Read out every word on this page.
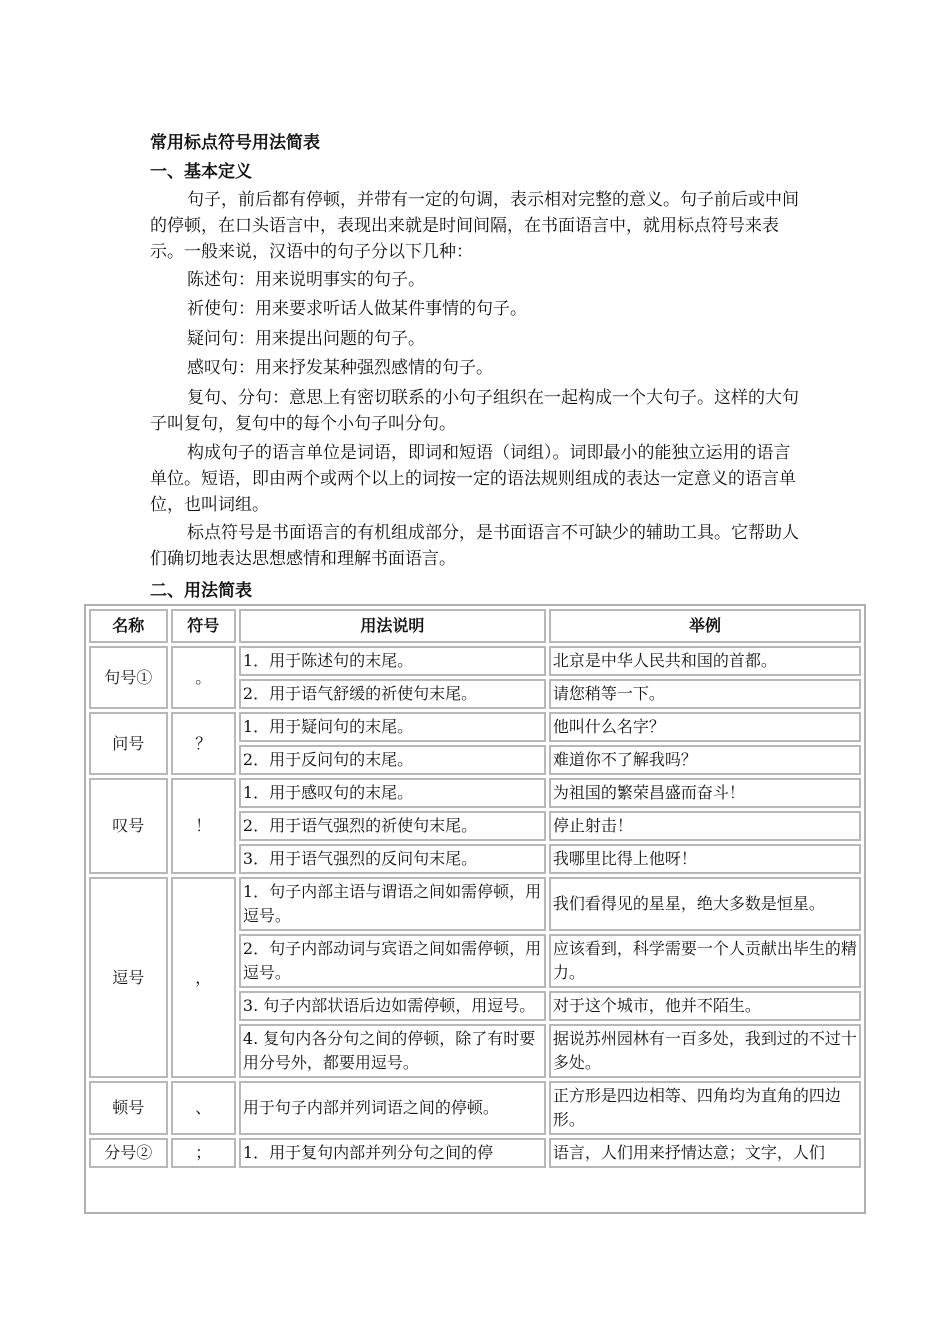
常用标点符号用法简表
一、基本定义

句子，前后都有停顿，并带有一定的句调，表示相对完整的意义。句子前后或中间的停顿，在口头语言中，表现出来就是时间间隔，在书面语言中，就用标点符号来表示。一般来说，汉语中的句子分以下几种：

陈述句：用来说明事实的句子。

祈使句：用来要求听话人做某件事情的句子。

疑问句：用来提出问题的句子。

感叹句：用来抒发某种强烈感情的句子。

复句、分句：意思上有密切联系的小句子组织在一起构成一个大句子。这样的大句子叫复句，复句中的每个小句子叫分句。

构成句子的语言单位是词语，即词和短语（词组）。词即最小的能独立运用的语言单位。短语，即由两个或两个以上的词按一定的语法规则组成的表达一定意义的语言单位，也叫词组。

标点符号是书面语言的有机组成部分，是书面语言不可缺少的辅助工具。它帮助人们确切地表达思想感情和理解书面语言。

二、用法简表
名称	符号	用法说明	举例
句号①	。	1．用于陈述句的末尾。	北京是中华人民共和国的首都。
		2．用于语气舒缓的祈使句末尾。	请您稍等一下。
问号	？	1．用于疑问句的末尾。	他叫什么名字？
		2．用于反问句的末尾。	难道你不了解我吗？
叹号	！	1．用于感叹句的末尾。	为祖国的繁荣昌盛而奋斗！
		2．用于语气强烈的祈使句末尾。	停止射击！
		3．用于语气强烈的反问句末尾。	我哪里比得上他呀！
逗号	，	1．句子内部主语与谓语之间如需停顿，用逗号。	我们看得见的星星，绝大多数是恒星。
		2．句子内部动词与宾语之间如需停顿，用逗号。	应该看到，科学需要一个人贡献出毕生的精力。
		3. 句子内部状语后边如需停顿，用逗号。	对于这个城市，他并不陌生。
		4. 复句内各分句之间的停顿，除了有时要用分号外，都要用逗号。	据说苏州园林有一百多处，我到过的不过十多处。
顿号	、	用于句子内部并列词语之间的停顿。	正方形是四边相等、四角均为直角的四边形。
分号②	；	1．用于复句内部并列分句之间的停	语言，人们用来抒情达意；文字，人们
